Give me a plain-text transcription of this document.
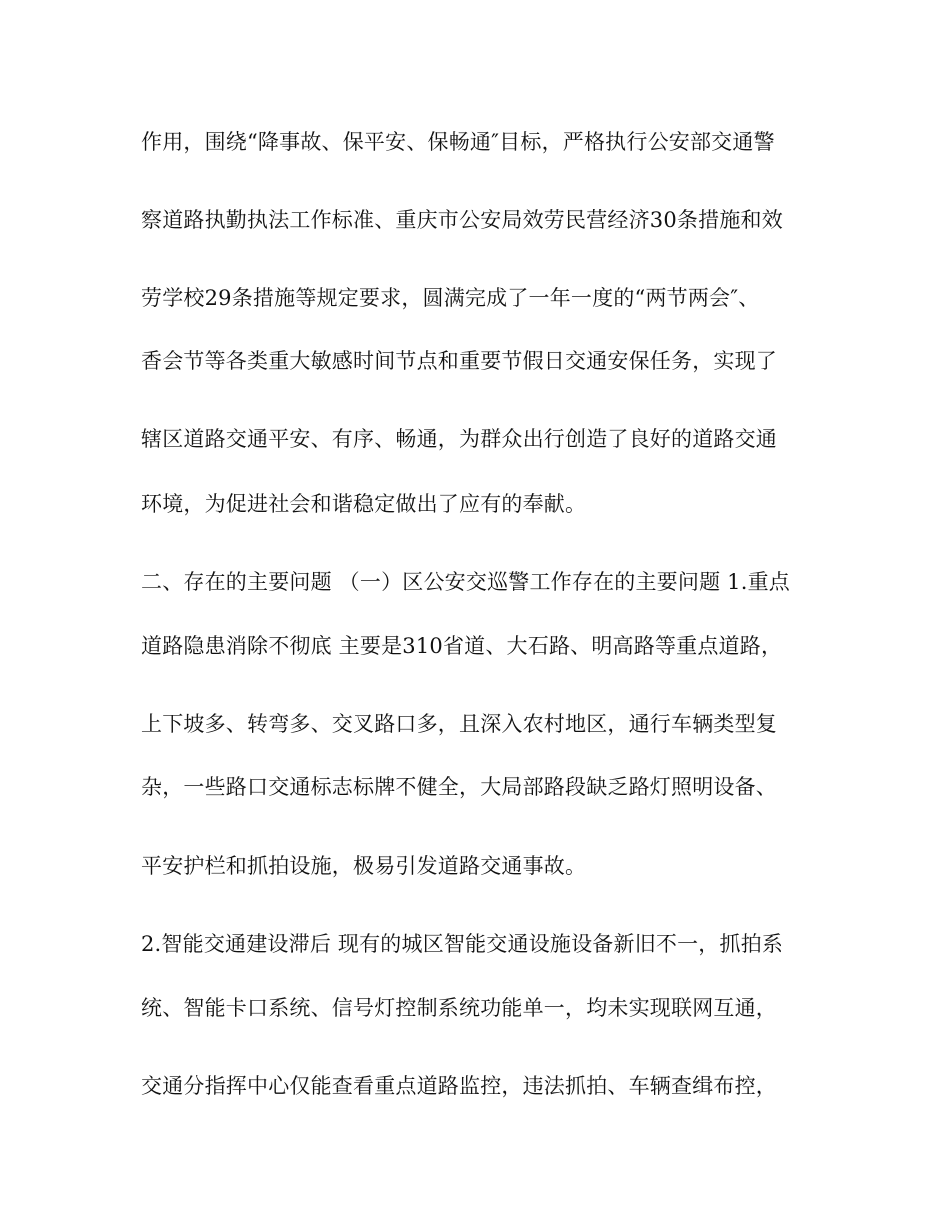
作用，围绕“降事故、保平安、保畅通″目标，严格执行公安部交通警
察道路执勤执法工作标准、重庆市公安局效劳民营经济30条措施和效
劳学校29条措施等规定要求，圆满完成了一年一度的“两节两会″、
香会节等各类重大敏感时间节点和重要节假日交通安保任务，实现了
辖区道路交通平安、有序、畅通，为群众出行创造了良好的道路交通
环境，为促进社会和谐稳定做出了应有的奉献。
二、存在的主要问题 （一）区公安交巡警工作存在的主要问题 1.重点
道路隐患消除不彻底 主要是310省道、大石路、明高路等重点道路，
上下坡多、转弯多、交叉路口多，且深入农村地区，通行车辆类型复
杂，一些路口交通标志标牌不健全，大局部路段缺乏路灯照明设备、
平安护栏和抓拍设施，极易引发道路交通事故。
2.智能交通建设滞后 现有的城区智能交通设施设备新旧不一，抓拍系
统、智能卡口系统、信号灯控制系统功能单一，均未实现联网互通，
交通分指挥中心仅能查看重点道路监控，违法抓拍、车辆查缉布控，
